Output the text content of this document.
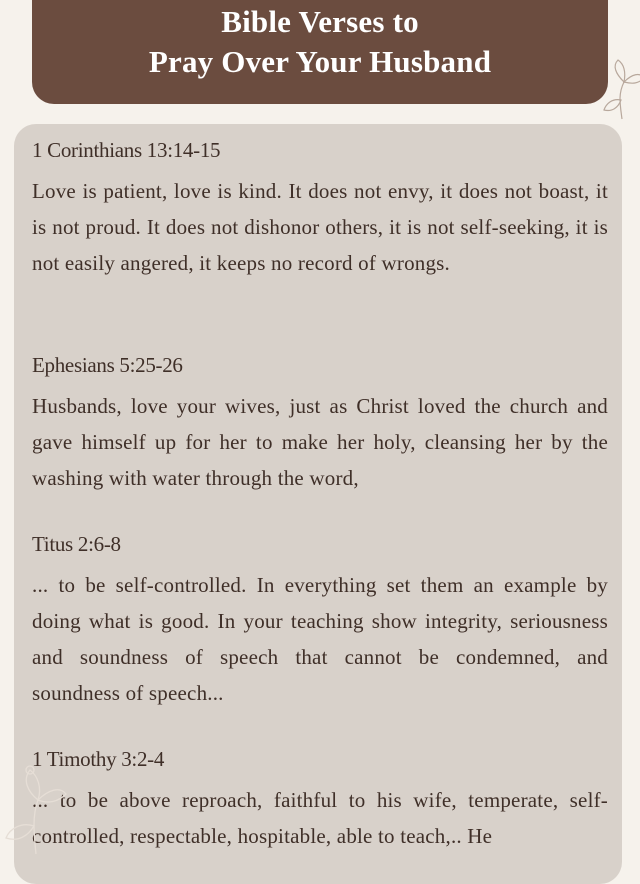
Bible Verses to
Pray Over Your Husband
1 Corinthians 13:14-15
Love is patient, love is kind. It does not envy, it does not boast, it is not proud. It does not dishonor others, it is not self-seeking, it is not easily angered, it keeps no record of wrongs.
Ephesians 5:25-26
Husbands, love your wives, just as Christ loved the church and gave himself up for her to make her holy, cleansing her by the washing with water through the word,
Titus 2:6-8
... to be self-controlled. In everything set them an example by doing what is good. In your teaching show integrity, seriousness and soundness of speech that cannot be condemned, and soundness of speech...
1 Timothy 3:2-4
... to be above reproach, faithful to his wife, temperate, self-controlled, respectable, hospitable, able to teach,.. He
